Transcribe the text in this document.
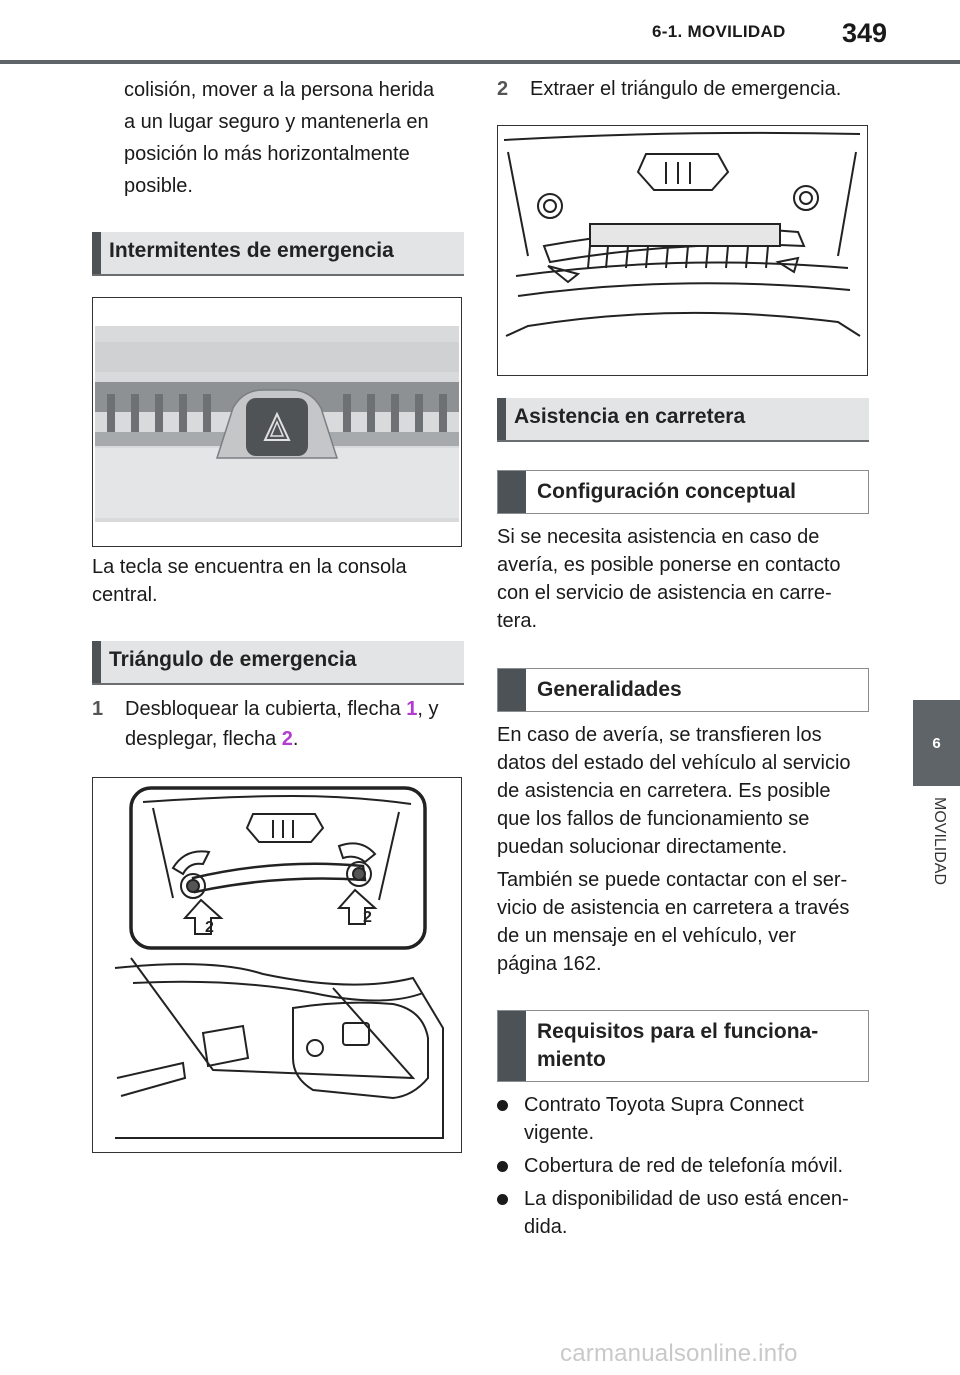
6-1. MOVILIDAD 349
6
MOVILIDAD
colisión, mover a la persona herida
a un lugar seguro y mantenerla en
posición lo más horizontalmente
posible.
Intermitentes de emergencia
La tecla se encuentra en la consola
central.
Triángulo de emergencia
1 Desbloquear la cubierta, flecha 1, y
desplegar, flecha 2.
2
2
2 Extraer el triángulo de emergencia.
Asistencia en carretera
Configuración conceptual
Si se necesita asistencia en caso de
avería, es posible ponerse en contacto
con el servicio de asistencia en carre-
tera.
Generalidades
En caso de avería, se transfieren los
datos del estado del vehículo al servicio
de asistencia en carretera. Es posible
que los fallos de funcionamiento se
puedan solucionar directamente.
También se puede contactar con el ser-
vicio de asistencia en carretera a través
de un mensaje en el vehículo, ver
página 162.
Requisitos para el funciona-
miento
Contrato Toyota Supra Connect
vigente.
Cobertura de red de telefonía móvil.
La disponibilidad de uso está encen-
dida.
carmanualsonline.info
